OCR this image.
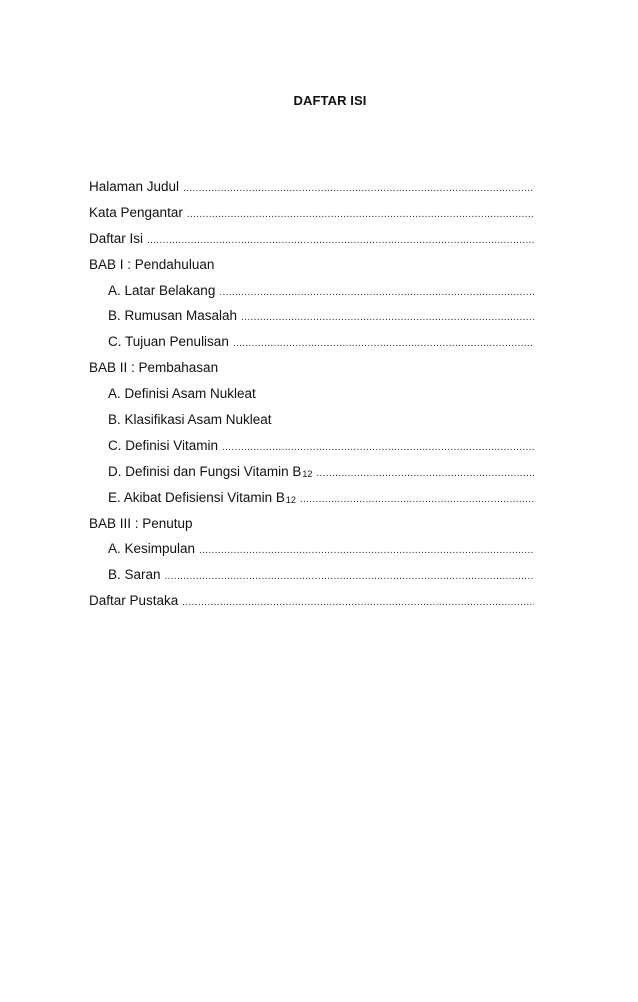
DAFTAR ISI
Halaman Judul
.....
Kata Pengantar
.....
Daftar Isi
.....
BAB I : Pendahuluan
A. Latar Belakang
.....
B. Rumusan Masalah
.....
C. Tujuan Penulisan
.....
BAB II : Pembahasan
A. Definisi Asam Nukleat
B. Klasifikasi Asam Nukleat
C. Definisi Vitamin
.....
D. Definisi dan Fungsi Vitamin $B_{12}$
.....
E. Akibat Defisiensi Vitamin $B_{12}$
.....
BAB III : Penutup
A. Kesimpulan
.....
B. Saran
.....
Daftar Pustaka
.....
